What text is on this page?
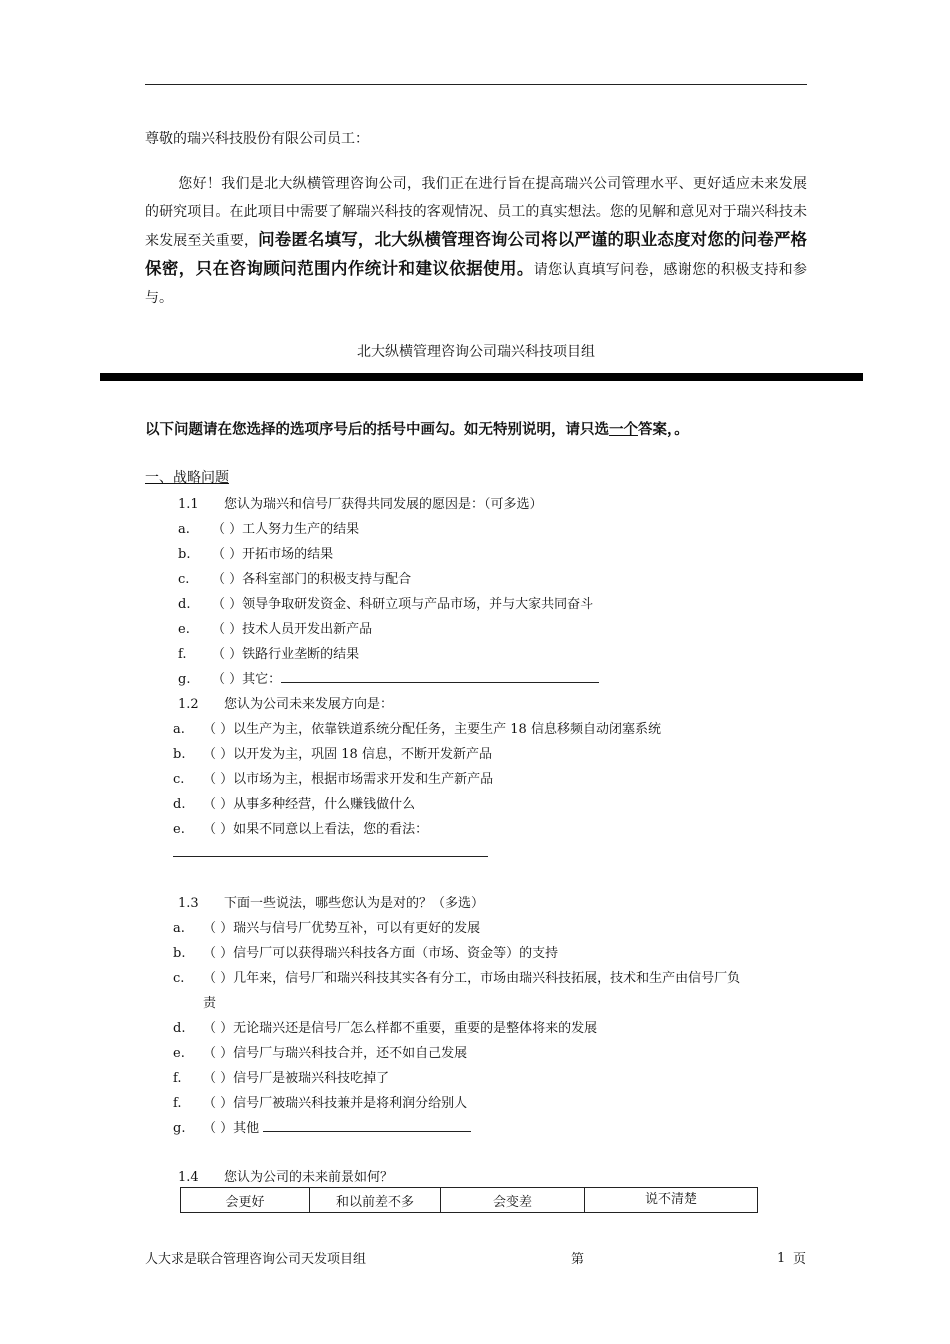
尊敬的瑞兴科技股份有限公司员工：
您好！我们是北大纵横管理咨询公司，我们正在进行旨在提高瑞兴公司管理水平、更好适应未来发展的研究项目。在此项目中需要了解瑞兴科技的客观情况、员工的真实想法。您的见解和意见对于瑞兴科技未来发展至关重要，问卷匿名填写，北大纵横管理咨询公司将以严谨的职业态度对您的问卷严格保密，只在咨询顾问范围内作统计和建议依据使用。请您认真填写问卷，感谢您的积极支持和参与。
北大纵横管理咨询公司瑞兴科技项目组
以下问题请在您选择的选项序号后的括号中画勾。如无特别说明，请只选一个答案，。
一、战略问题
1.1 您认为瑞兴和信号厂获得共同发展的愿因是：（可多选）
a. （ ）工人努力生产的结果
b. （ ）开拓市场的结果
c. （ ）各科室部门的积极支持与配合
d. （ ）领导争取研发资金、科研立项与产品市场，并与大家共同奋斗
e. （ ）技术人员开发出新产品
f. （ ）铁路行业垄断的结果
g. （ ）其它：
1.2 您认为公司未来发展方向是：
a. （ ）以生产为主，依靠铁道系统分配任务，主要生产 18 信息移频自动闭塞系统
b. （ ）以开发为主，巩固 18 信息，不断开发新产品
c. （ ）以市场为主，根据市场需求开发和生产新产品
d. （ ）从事多种经营，什么赚钱做什么
e. （ ）如果不同意以上看法，您的看法：
1.3 下面一些说法，哪些您认为是对的？（多选）
a. （ ）瑞兴与信号厂优势互补，可以有更好的发展
b. （ ）信号厂可以获得瑞兴科技各方面（市场、资金等）的支持
c. （ ）几年来，信号厂和瑞兴科技其实各有分工，市场由瑞兴科技拓展，技术和生产由信号厂负
责
d. （ ）无论瑞兴还是信号厂怎么样都不重要，重要的是整体将来的发展
e. （ ）信号厂与瑞兴科技合并，还不如自己发展
f. （ ）信号厂是被瑞兴科技吃掉了
f. （ ）信号厂被瑞兴科技兼并是将利润分给别人
g. （ ）其他
1.4 您认为公司的未来前景如何？
会更好	和以前差不多	会变差	说不清楚
人大求是联合管理咨询公司天发项目组	第	1 页
